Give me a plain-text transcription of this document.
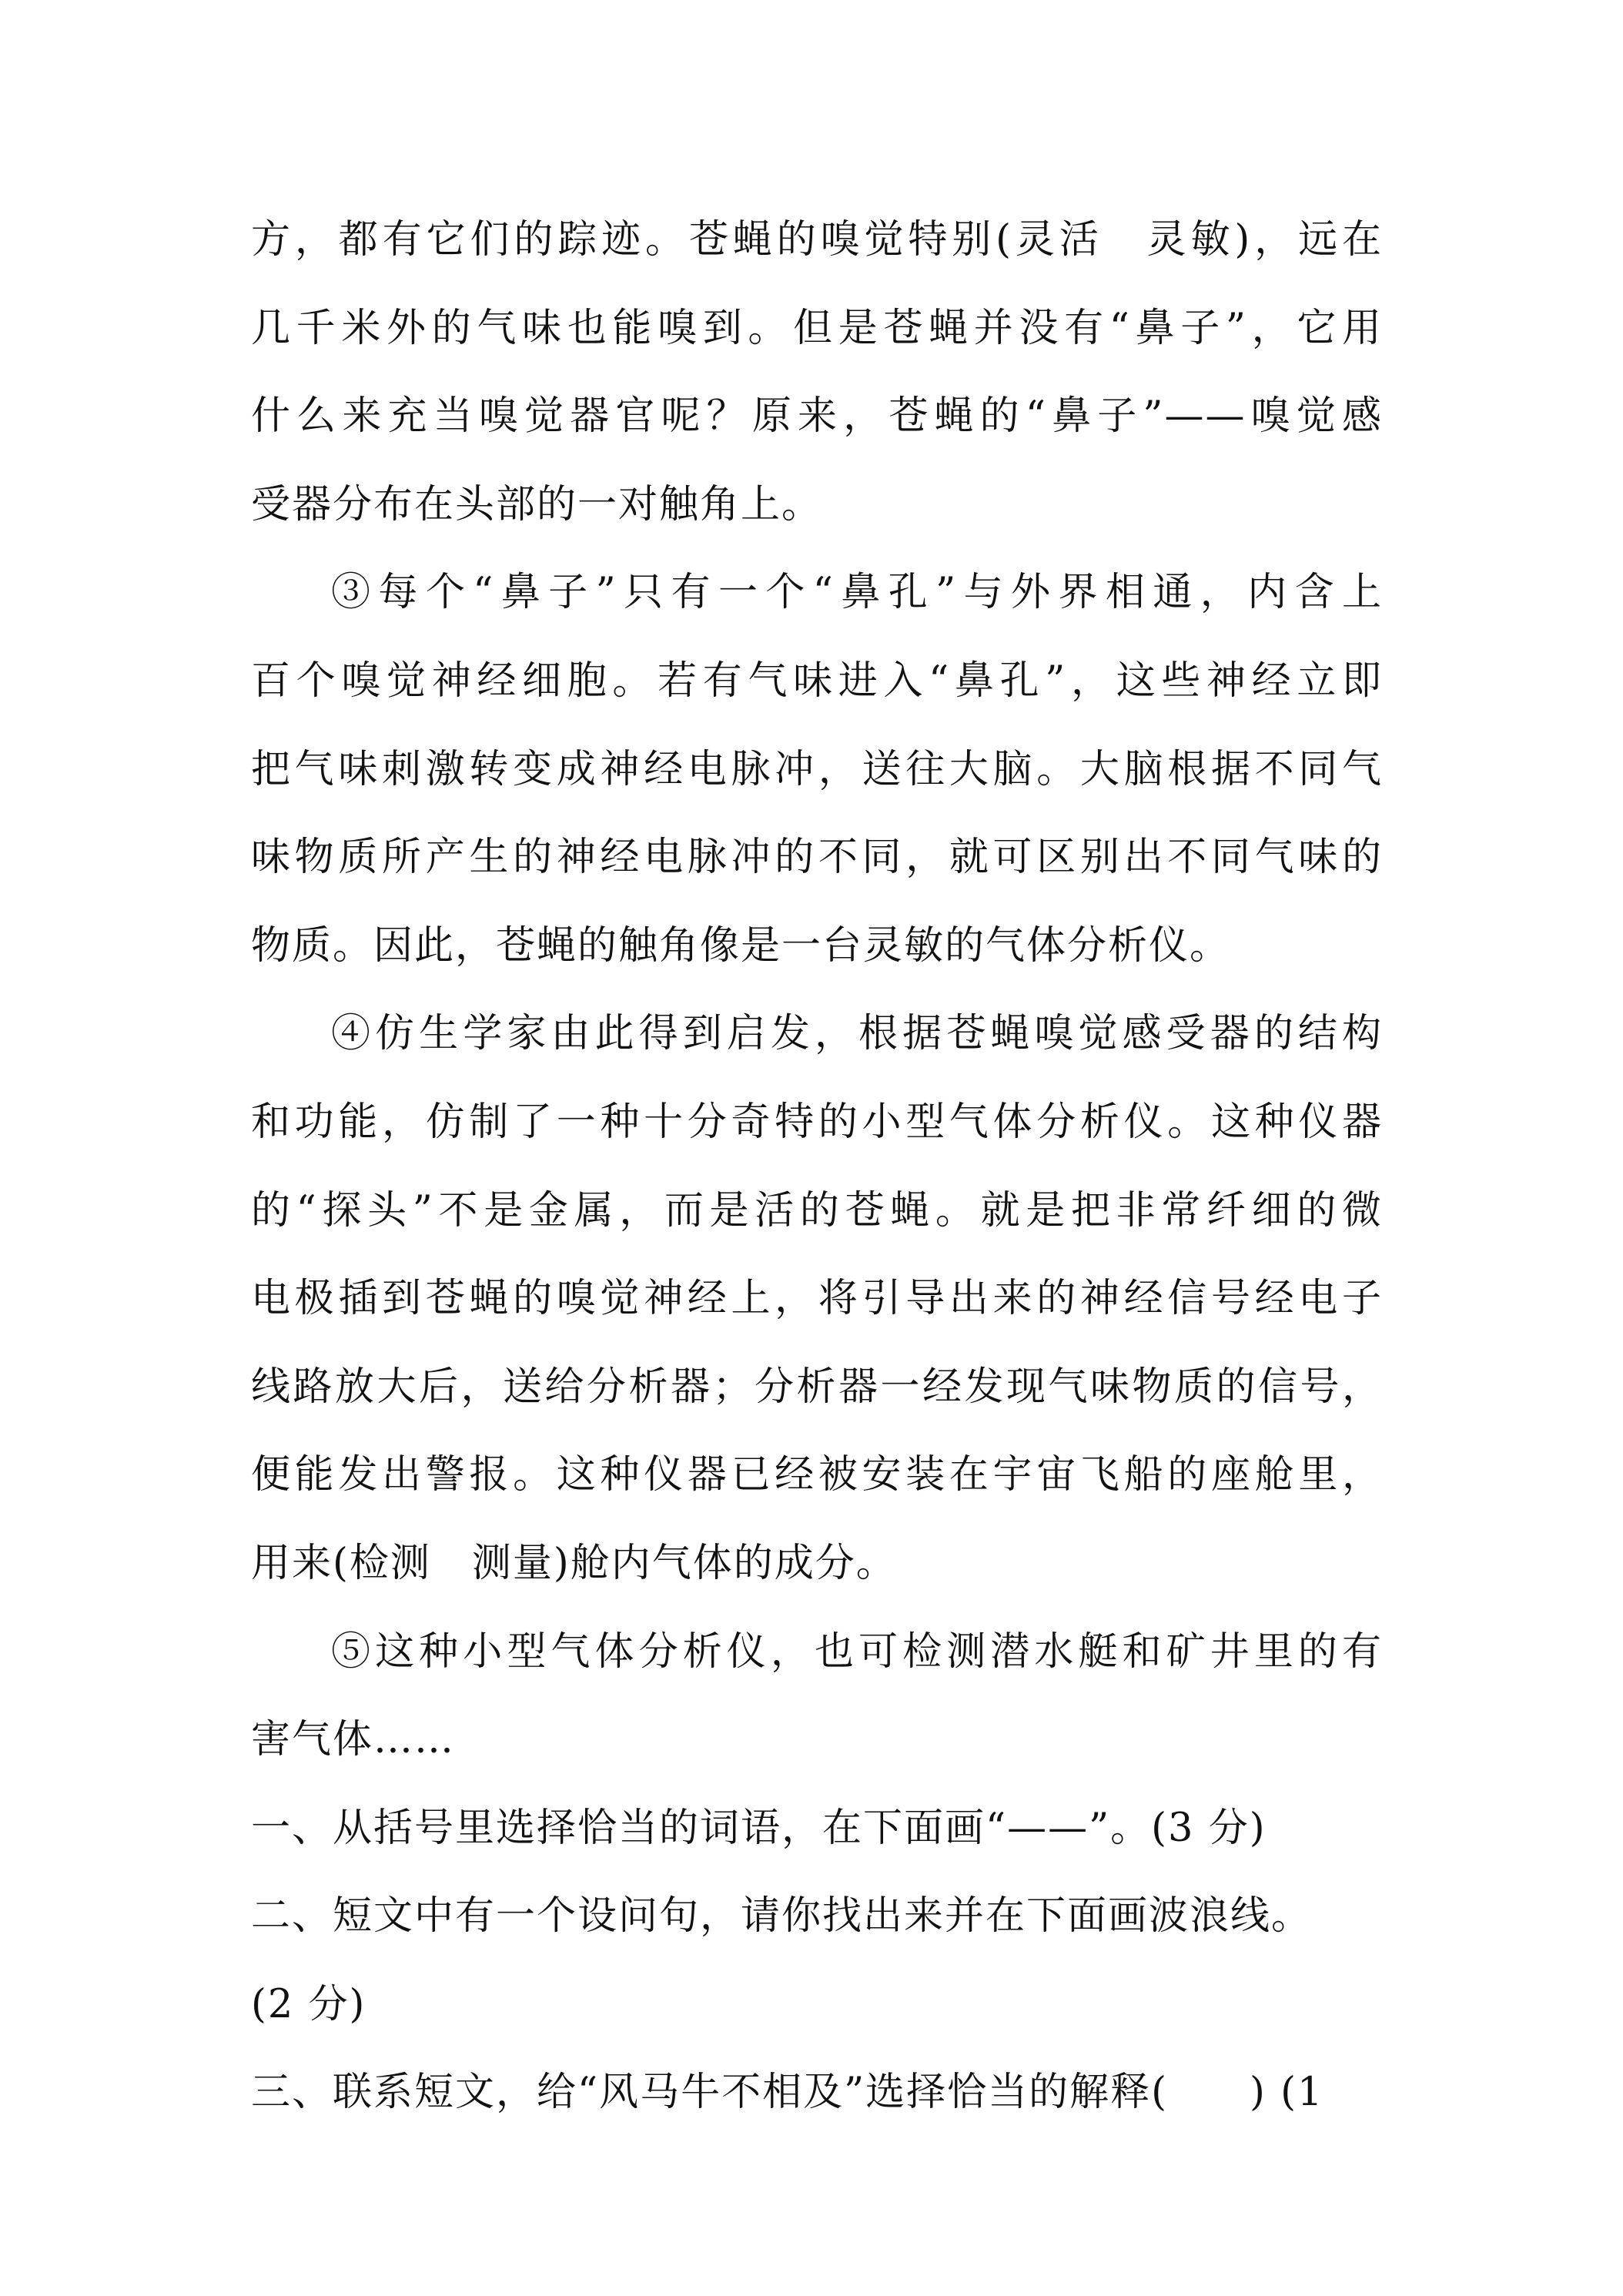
方，都有它们的踪迹。苍蝇的嗅觉特别(灵活　灵敏)，远在
几千米外的气味也能嗅到。但是苍蝇并没有“鼻子”，它用
什么来充当嗅觉器官呢？原来，苍蝇的“鼻子”——嗅觉感
受器分布在头部的一对触角上。
③每个“鼻子”只有一个“鼻孔”与外界相通，内含上
百个嗅觉神经细胞。若有气味进入“鼻孔”，这些神经立即
把气味刺激转变成神经电脉冲，送往大脑。大脑根据不同气
味物质所产生的神经电脉冲的不同，就可区别出不同气味的
物质。因此，苍蝇的触角像是一台灵敏的气体分析仪。
④仿生学家由此得到启发，根据苍蝇嗅觉感受器的结构
和功能，仿制了一种十分奇特的小型气体分析仪。这种仪器
的“探头”不是金属，而是活的苍蝇。就是把非常纤细的微
电极插到苍蝇的嗅觉神经上，将引导出来的神经信号经电子
线路放大后，送给分析器；分析器一经发现气味物质的信号，
便能发出警报。这种仪器已经被安装在宇宙飞船的座舱里，
用来(检测　测量)舱内气体的成分。
⑤这种小型气体分析仪，也可检测潜水艇和矿井里的有
害气体……
一、从括号里选择恰当的词语，在下面画“——”。(3 分)
二、短文中有一个设问句，请你找出来并在下面画波浪线。
(2 分)
三、联系短文，给“风马牛不相及”选择恰当的解释(　　) (1
